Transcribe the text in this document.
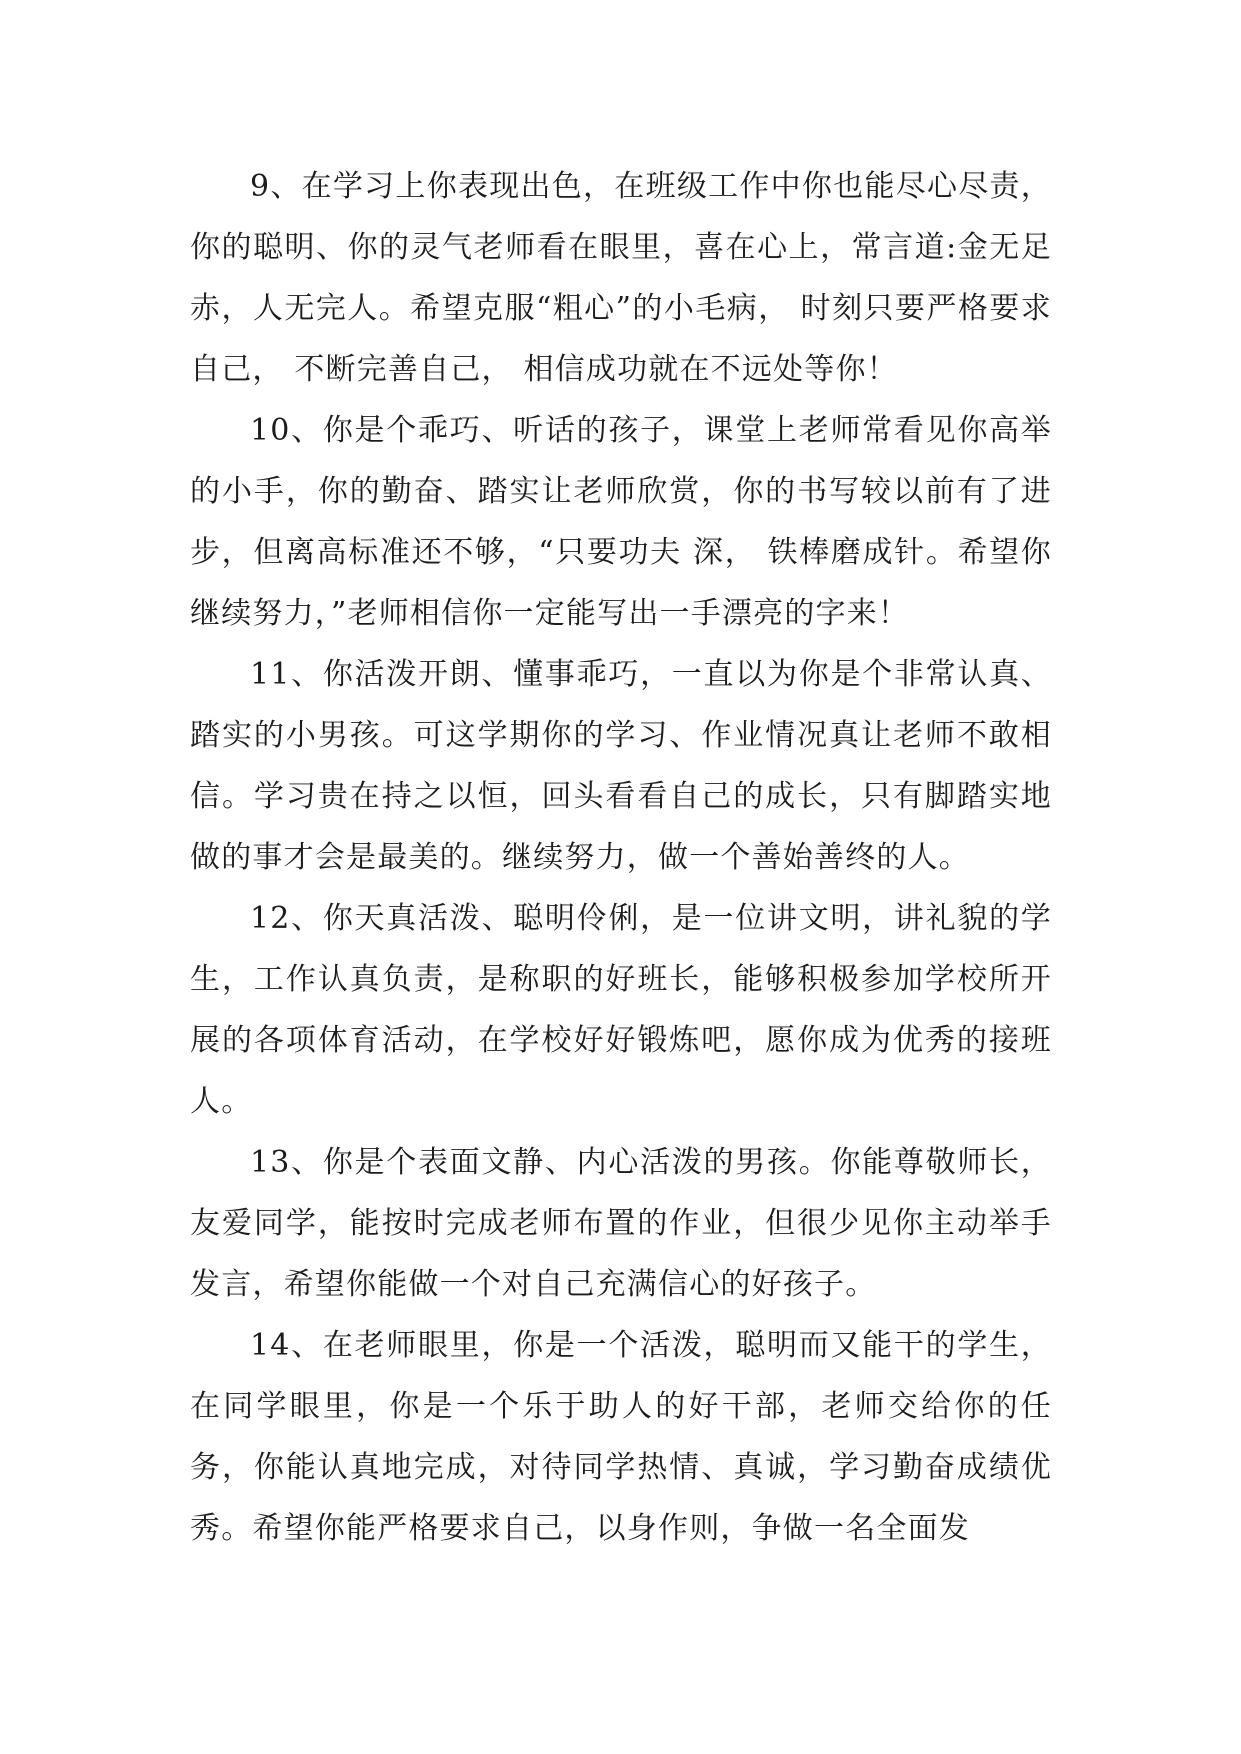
9、在学习上你表现出色，在班级工作中你也能尽心尽责，你的聪明、你的灵气老师看在眼里，喜在心上，常言道:金无足赤，人无完人。希望克服“粗心”的小毛病， 时刻只要严格要求自己， 不断完善自己， 相信成功就在不远处等你！

10、你是个乖巧、听话的孩子，课堂上老师常看见你高举的小手，你的勤奋、踏实让老师欣赏，你的书写较以前有了进步，但离高标准还不够，“只要功夫 深， 铁棒磨成针。希望你继续努力，”老师相信你一定能写出一手漂亮的字来！

11、你活泼开朗、懂事乖巧，一直以为你是个非常认真、踏实的小男孩。可这学期你的学习、作业情况真让老师不敢相信。学习贵在持之以恒，回头看看自己的成长，只有脚踏实地做的事才会是最美的。继续努力，做一个善始善终的人。

12、你天真活泼、聪明伶俐，是一位讲文明，讲礼貌的学生，工作认真负责，是称职的好班长，能够积极参加学校所开展的各项体育活动，在学校好好锻炼吧，愿你成为优秀的接班人。

13、你是个表面文静、内心活泼的男孩。你能尊敬师长，友爱同学，能按时完成老师布置的作业，但很少见你主动举手发言，希望你能做一个对自己充满信心的好孩子。

14、在老师眼里，你是一个活泼，聪明而又能干的学生，在同学眼里，你是一个乐于助人的好干部，老师交给你的任务，你能认真地完成，对待同学热情、真诚，学习勤奋成绩优秀。希望你能严格要求自己，以身作则，争做一名全面发
